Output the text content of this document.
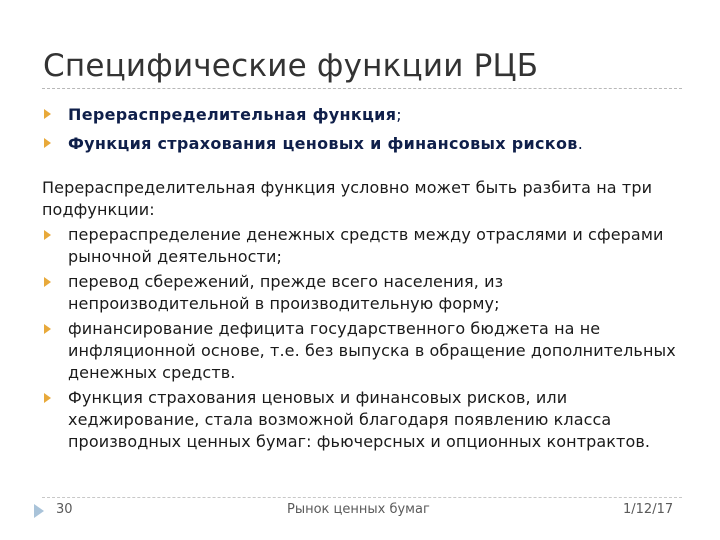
Специфические функции РЦБ
Перераспределительная функция;
Функция страхования ценовых и финансовых рисков.
Перераспределительная функция условно может быть разбита на три подфункции:
перераспределение денежных средств между отраслями и сферами рыночной деятельности;
перевод сбережений, прежде всего населения, из непроизводительной в производительную форму;
финансирование дефицита государственного бюджета на не инфляционной основе, т.е. без выпуска в обращение дополнительных денежных средств.
Функция страхования ценовых и финансовых рисков, или хеджирование, стала возможной благодаря появлению класса производных ценных бумаг: фьючерсных и опционных контрактов.
30	Рынок ценных бумаг	1/12/17
